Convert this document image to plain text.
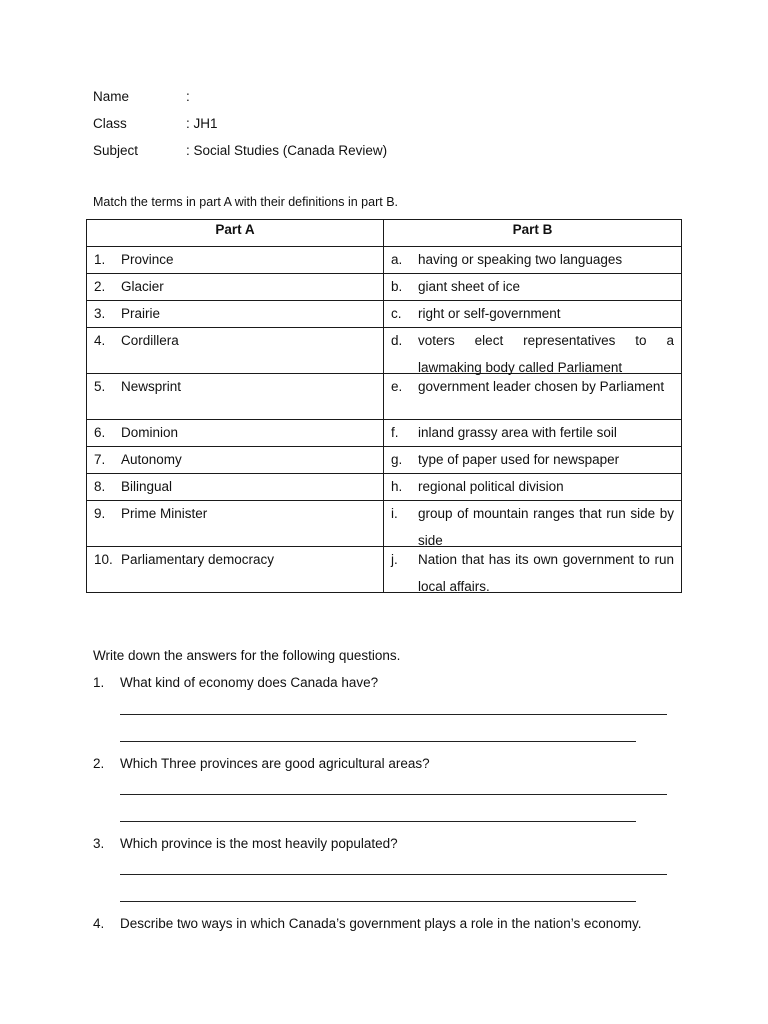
Name	:
Class	: JH1
Subject	: Social Studies (Canada Review)
Match the terms in part A with their definitions in part B.
Part A	Part B

1. Province	a. having or speaking two languages

2. Glacier	b. giant sheet of ice

3. Prairie	c. right or self-government

4. Cordillera	d. voters elect representatives to a lawmaking body called Parliament

5. Newsprint	e. government leader chosen by Parliament

6. Dominion	f. inland grassy area with fertile soil

7. Autonomy	g. type of paper used for newspaper

8. Bilingual	h. regional political division

9. Prime Minister	i. group of mountain ranges that run side by side

10. Parliamentary democracy	j. Nation that has its own government to run local affairs.
Write down the answers for the following questions.
1. What kind of economy does Canada have?
2. Which Three provinces are good agricultural areas?
3. Which province is the most heavily populated?
4. Describe two ways in which Canada’s government plays a role in the nation’s economy.
